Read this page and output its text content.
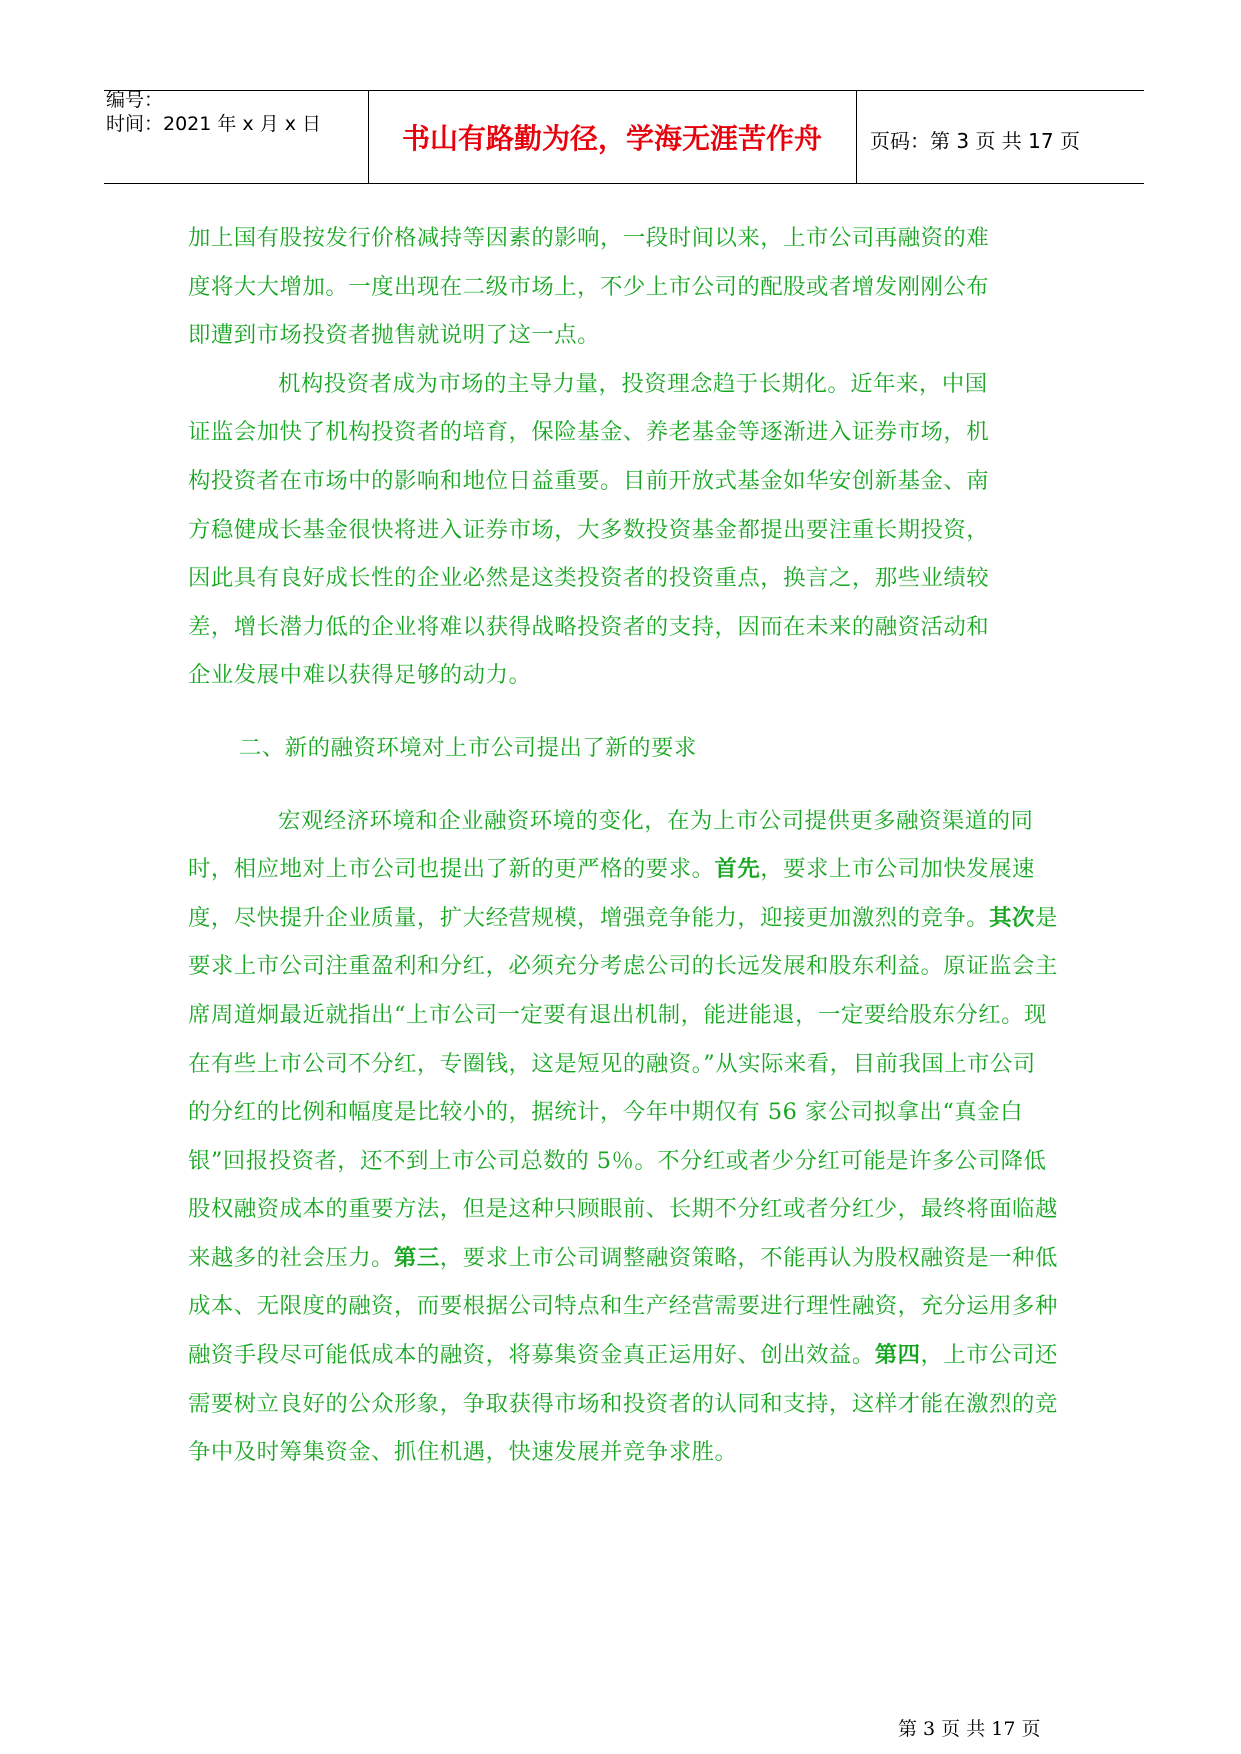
编号：
时间：2021 年 x 月 x 日	书山有路勤为径，学海无涯苦作舟	页码：第 3 页 共 17 页

加上国有股按发行价格减持等因素的影响，一段时间以来，上市公司再融资的难

度将大大增加。一度出现在二级市场上，不少上市公司的配股或者增发刚刚公布

即遭到市场投资者抛售就说明了这一点。

机构投资者成为市场的主导力量，投资理念趋于长期化。近年来，中国

证监会加快了机构投资者的培育，保险基金、养老基金等逐渐进入证券市场，机

构投资者在市场中的影响和地位日益重要。目前开放式基金如华安创新基金、南

方稳健成长基金很快将进入证券市场，大多数投资基金都提出要注重长期投资，

因此具有良好成长性的企业必然是这类投资者的投资重点，换言之，那些业绩较

差，增长潜力低的企业将难以获得战略投资者的支持，因而在未来的融资活动和

企业发展中难以获得足够的动力。

二、新的融资环境对上市公司提出了新的要求

宏观经济环境和企业融资环境的变化，在为上市公司提供更多融资渠道的同时，相应地对上市公司也提出了新的更严格的要求。首先，要求上市公司加快发展速度，尽快提升企业质量，扩大经营规模，增强竞争能力，迎接更加激烈的竞争。其次是要求上市公司注重盈利和分红，必须充分考虑公司的长远发展和股东利益。原证监会主席周道炯最近就指出“上市公司一定要有退出机制，能进能退，一定要给股东分红。现在有些上市公司不分红，专圈钱，这是短见的融资。”从实际来看，目前我国上市公司的分红的比例和幅度是比较小的，据统计，今年中期仅有 56 家公司拟拿出“真金白银”回报投资者，还不到上市公司总数的 5％。不分红或者少分红可能是许多公司降低股权融资成本的重要方法，但是这种只顾眼前、长期不分红或者分红少，最终将面临越来越多的社会压力。第三，要求上市公司调整融资策略，不能再认为股权融资是一种低成本、无限度的融资，而要根据公司特点和生产经营需要进行理性融资，充分运用多种融资手段尽可能低成本的融资，将募集资金真正运用好、创出效益。第四，上市公司还需要树立良好的公众形象，争取获得市场和投资者的认同和支持，这样才能在激烈的竞争中及时筹集资金、抓住机遇，快速发展并竞争求胜。

第 3 页 共 17 页
